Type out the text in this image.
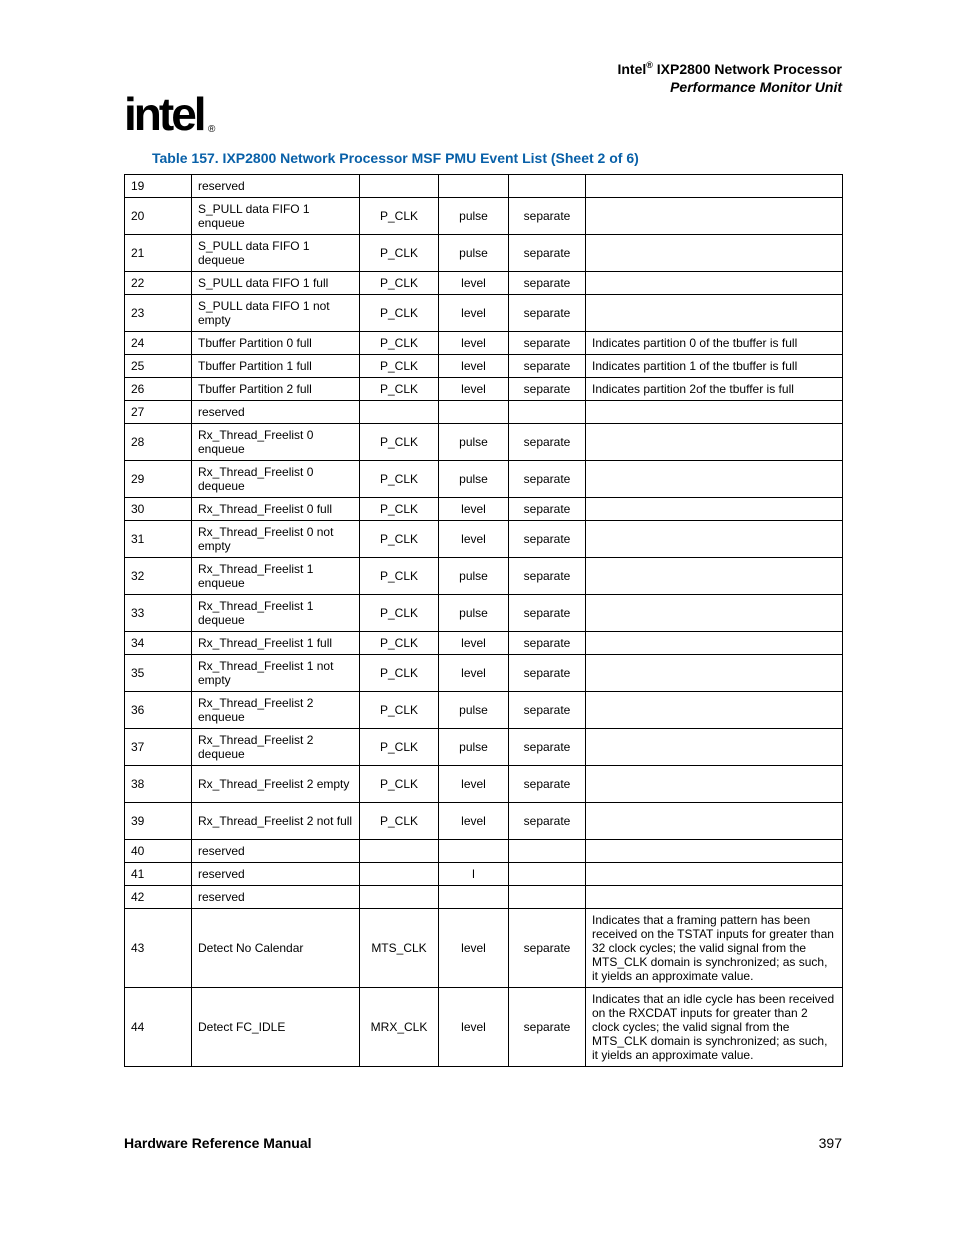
Intel® IXP2800 Network Processor
Performance Monitor Unit
intel ®
Table 157. IXP2800 Network Processor MSF PMU Event List (Sheet 2 of 6)
19	reserved				
20	S_PULL data FIFO 1 enqueue	P_CLK	pulse	separate	
21	S_PULL data FIFO 1 dequeue	P_CLK	pulse	separate	
22	S_PULL data FIFO 1 full	P_CLK	level	separate	
23	S_PULL data FIFO 1 not empty	P_CLK	level	separate	
24	Tbuffer Partition 0 full	P_CLK	level	separate	Indicates partition 0 of the tbuffer is full
25	Tbuffer Partition 1 full	P_CLK	level	separate	Indicates partition 1 of the tbuffer is full
26	Tbuffer Partition 2 full	P_CLK	level	separate	Indicates partition 2of the tbuffer is full
27	reserved				
28	Rx_Thread_Freelist 0 enqueue	P_CLK	pulse	separate	
29	Rx_Thread_Freelist 0 dequeue	P_CLK	pulse	separate	
30	Rx_Thread_Freelist 0 full	P_CLK	level	separate	
31	Rx_Thread_Freelist 0 not empty	P_CLK	level	separate	
32	Rx_Thread_Freelist 1 enqueue	P_CLK	pulse	separate	
33	Rx_Thread_Freelist 1 dequeue	P_CLK	pulse	separate	
34	Rx_Thread_Freelist 1 full	P_CLK	level	separate	
35	Rx_Thread_Freelist 1 not empty	P_CLK	level	separate	
36	Rx_Thread_Freelist 2 enqueue	P_CLK	pulse	separate	
37	Rx_Thread_Freelist 2 dequeue	P_CLK	pulse	separate	
38	Rx_Thread_Freelist 2 empty	P_CLK	level	separate	
39	Rx_Thread_Freelist 2 not full	P_CLK	level	separate	
40	reserved				
41	reserved		l		
42	reserved				
43	Detect No Calendar	MTS_CLK	level	separate	Indicates that a framing pattern has been received on the TSTAT inputs for greater than 32 clock cycles; the valid signal from the MTS_CLK domain is synchronized; as such, it yields an approximate value.
44	Detect FC_IDLE	MRX_CLK	level	separate	Indicates that an idle cycle has been received on the RXCDAT inputs for greater than 2 clock cycles; the valid signal from the MTS_CLK domain is synchronized; as such, it yields an approximate value.
Hardware Reference Manual	397
